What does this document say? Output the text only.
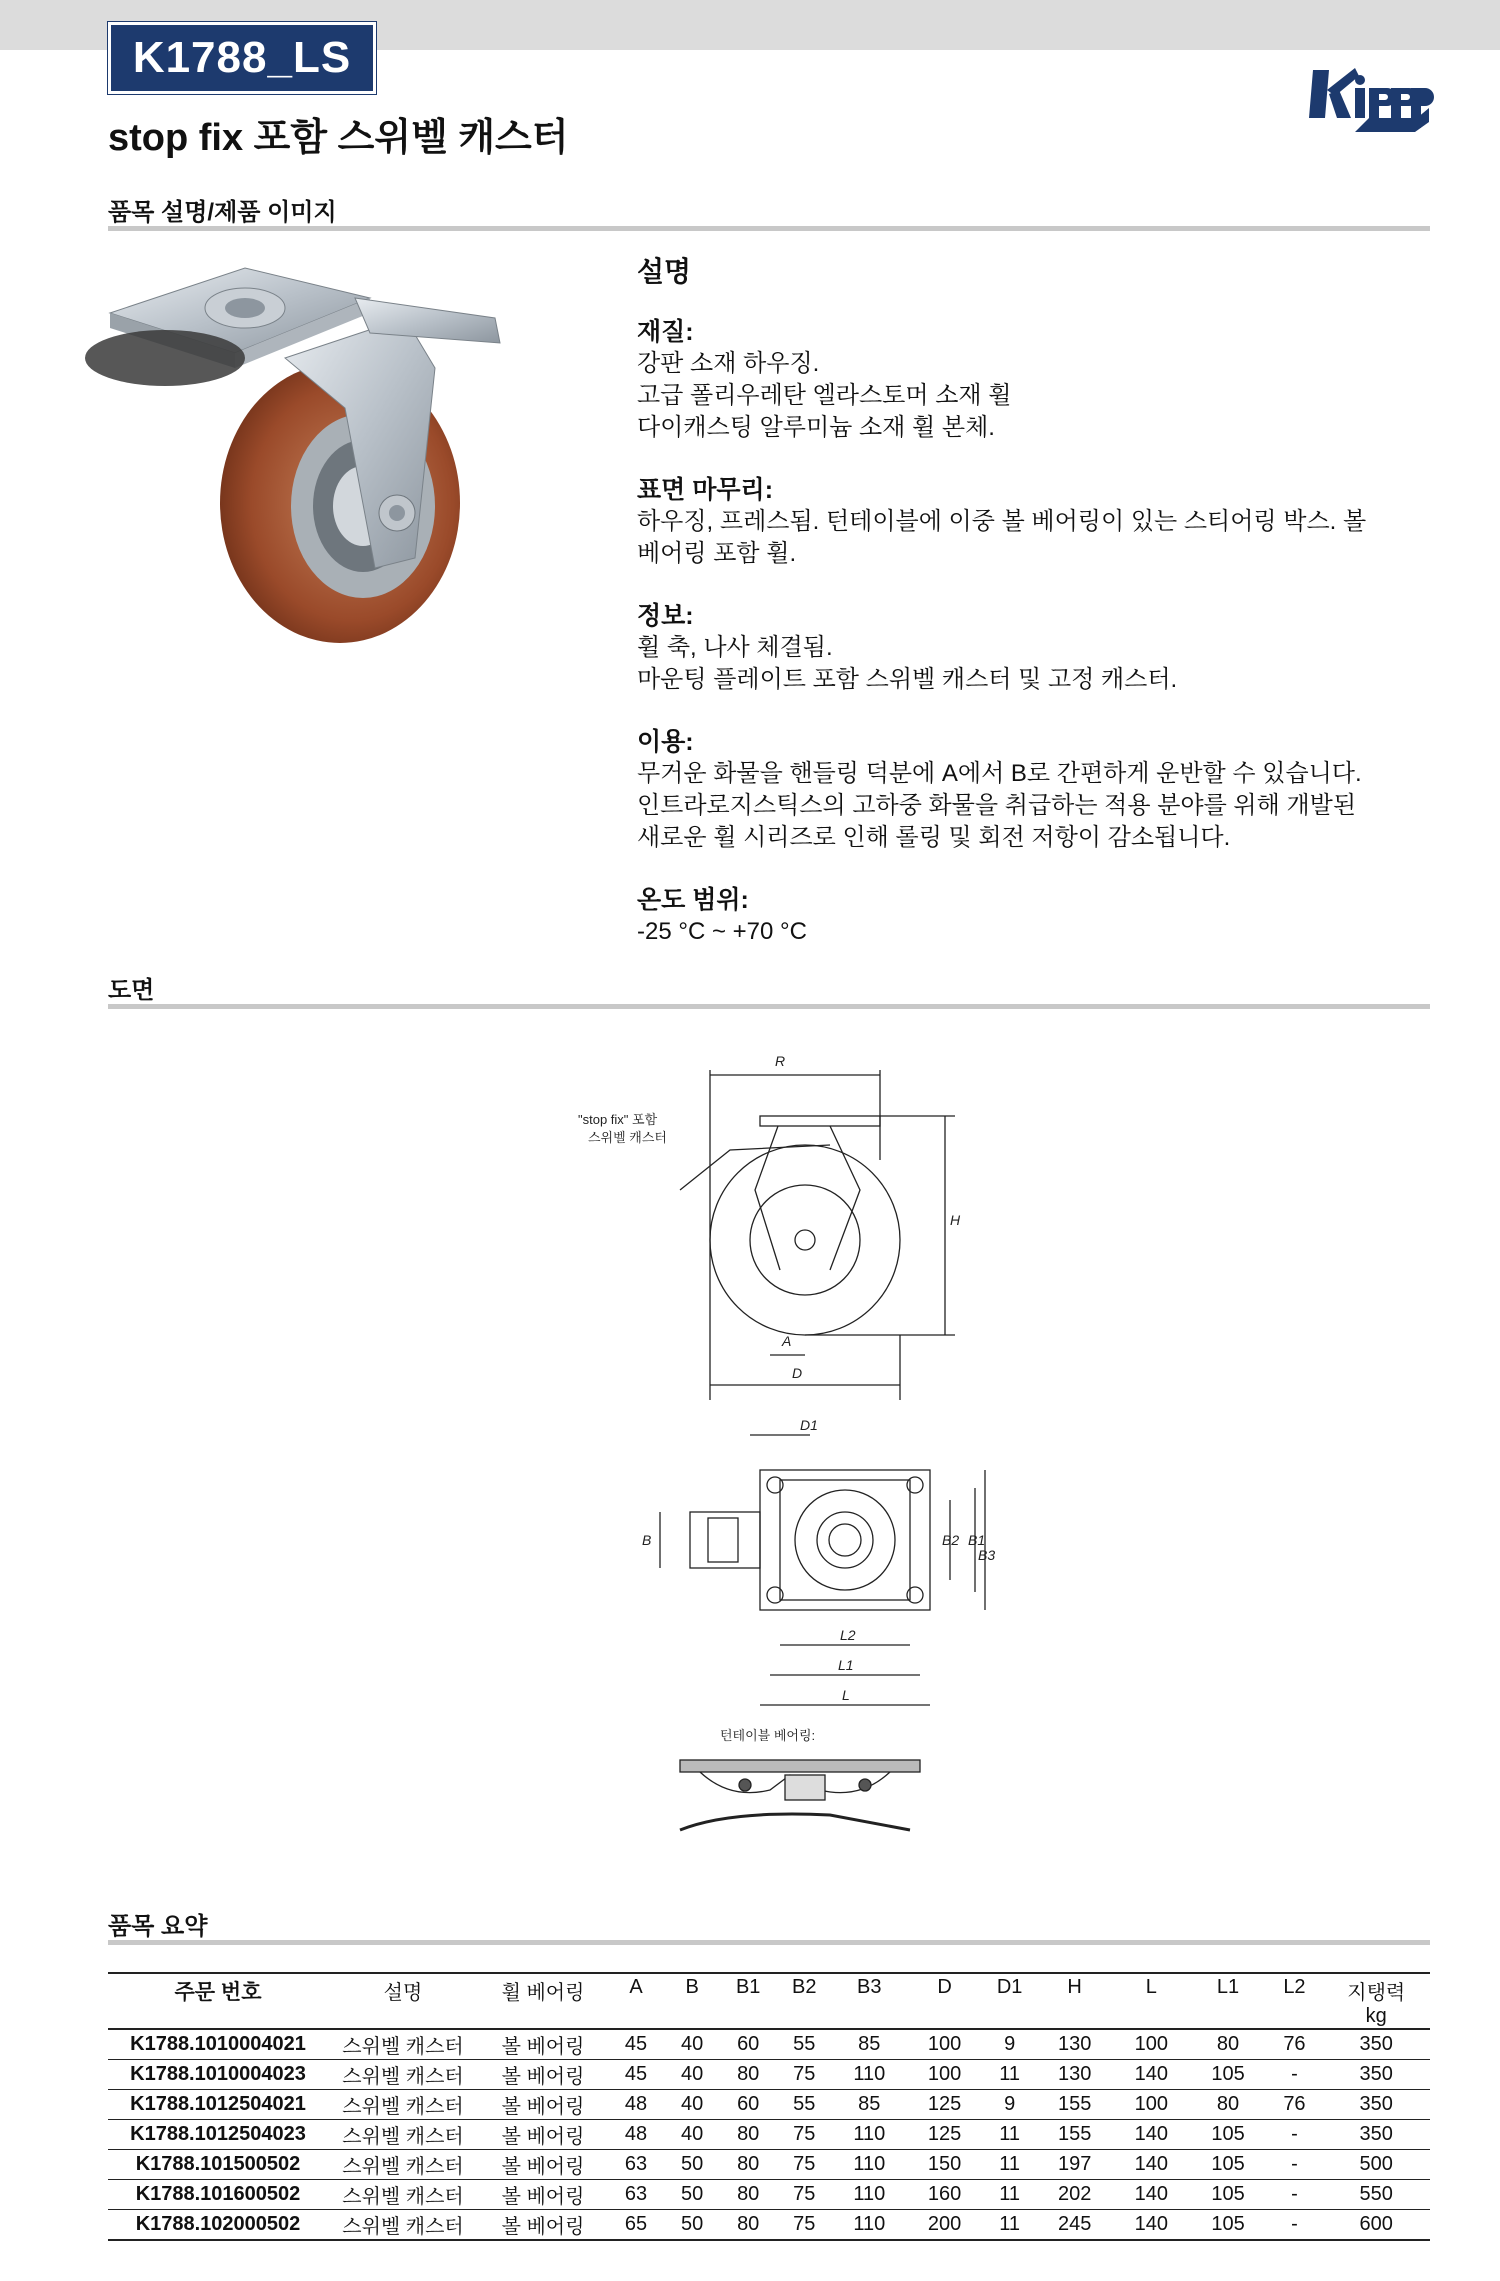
K1788_LS
stop fix 포함 스위벨 캐스터
품목 설명/제품 이미지
설명
재질:
강판 소재 하우징.
고급 폴리우레탄 엘라스토머 소재 휠
다이캐스팅 알루미늄 소재 휠 본체.
표면 마무리:
하우징, 프레스됨. 턴테이블에 이중 볼 베어링이 있는 스티어링 박스. 볼
베어링 포함 휠.
정보:
휠 축, 나사 체결됨.
마운팅 플레이트 포함 스위벨 캐스터 및 고정 캐스터.
이용:
무거운 화물을 핸들링 덕분에 A에서 B로 간편하게 운반할 수 있습니다.
인트라로지스틱스의 고하중 화물을 취급하는 적용 분야를 위해 개발된
새로운 휠 시리즈로 인해 롤링 및 회전 저항이 감소됩니다.
온도 범위:
-25 °C ~ +70 °C
도면
"stop fix" 포함
스위벨 캐스터
R
H
A
D
D1
B	B2 B1
B3
L2
L1
L
턴테이블 베어링:
품목 요약
주문 번호	설명	휠 베어링	A	B	B1	B2	B3	D	D1	H	L	L1	L2	지탱력
kg
K1788.1010004021	스위벨 캐스터	볼 베어링	45	40	60	55	85	100	9	130	100	80	76	350
K1788.1010004023	스위벨 캐스터	볼 베어링	45	40	80	75	110	100	11	130	140	105	-	350
K1788.1012504021	스위벨 캐스터	볼 베어링	48	40	60	55	85	125	9	155	100	80	76	350
K1788.1012504023	스위벨 캐스터	볼 베어링	48	40	80	75	110	125	11	155	140	105	-	350
K1788.101500502	스위벨 캐스터	볼 베어링	63	50	80	75	110	150	11	197	140	105	-	500
K1788.101600502	스위벨 캐스터	볼 베어링	63	50	80	75	110	160	11	202	140	105	-	550
K1788.102000502	스위벨 캐스터	볼 베어링	65	50	80	75	110	200	11	245	140	105	-	600
